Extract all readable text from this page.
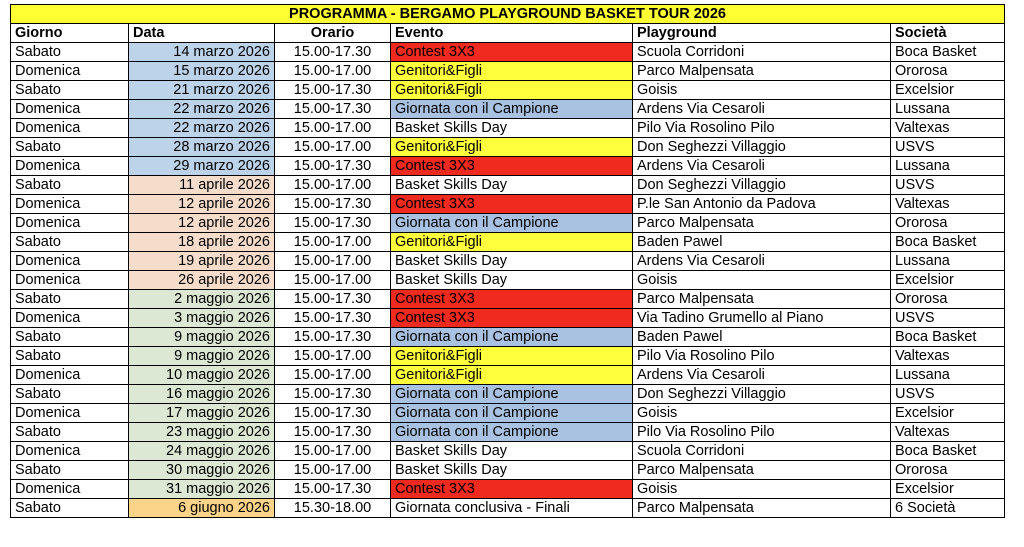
PROGRAMMA - BERGAMO PLAYGROUND BASKET TOUR 2026					
Giorno	Data	Orario	Evento	Playground	Società
Sabato	14 marzo 2026	15.00-17.30	Contest 3X3	Scuola Corridoni	Boca Basket
Domenica	15 marzo 2026	15.00-17.00	Genitori&Figli	Parco Malpensata	Ororosa
Sabato	21 marzo 2026	15.00-17.30	Genitori&Figli	Goisis	Excelsior
Domenica	22 marzo 2026	15.00-17.30	Giornata con il Campione	Ardens Via Cesaroli	Lussana
Domenica	22 marzo 2026	15.00-17.00	Basket Skills Day	Pilo Via Rosolino Pilo	Valtexas
Sabato	28 marzo 2026	15.00-17.00	Genitori&Figli	Don Seghezzi Villaggio	USVS
Domenica	29 marzo 2026	15.00-17.30	Contest 3X3	Ardens Via Cesaroli	Lussana
Sabato	11 aprile 2026	15.00-17.00	Basket Skills Day	Don Seghezzi Villaggio	USVS
Domenica	12 aprile 2026	15.00-17.30	Contest 3X3	P.le San Antonio da Padova	Valtexas
Domenica	12 aprile 2026	15.00-17.30	Giornata con il Campione	Parco Malpensata	Ororosa
Sabato	18 aprile 2026	15.00-17.00	Genitori&Figli	Baden Pawel	Boca Basket
Domenica	19 aprile 2026	15.00-17.00	Basket Skills Day	Ardens Via Cesaroli	Lussana
Domenica	26 aprile 2026	15.00-17.00	Basket Skills Day	Goisis	Excelsior
Sabato	2 maggio 2026	15.00-17.30	Contest 3X3	Parco Malpensata	Ororosa
Domenica	3 maggio 2026	15.00-17.30	Contest 3X3	Via Tadino Grumello al Piano	USVS
Sabato	9 maggio 2026	15.00-17.30	Giornata con il Campione	Baden Pawel	Boca Basket
Sabato	9 maggio 2026	15.00-17.00	Genitori&Figli	Pilo Via Rosolino Pilo	Valtexas
Domenica	10 maggio 2026	15.00-17.00	Genitori&Figli	Ardens Via Cesaroli	Lussana
Sabato	16 maggio 2026	15.00-17.30	Giornata con il Campione	Don Seghezzi Villaggio	USVS
Domenica	17 maggio 2026	15.00-17.30	Giornata con il Campione	Goisis	Excelsior
Sabato	23 maggio 2026	15.00-17.30	Giornata con il Campione	Pilo Via Rosolino Pilo	Valtexas
Domenica	24 maggio 2026	15.00-17.00	Basket Skills Day	Scuola Corridoni	Boca Basket
Sabato	30 maggio 2026	15.00-17.00	Basket Skills Day	Parco Malpensata	Ororosa
Domenica	31 maggio 2026	15.00-17.30	Contest 3X3	Goisis	Excelsior
Sabato	6 giugno 2026	15.30-18.00	Giornata conclusiva - Finali	Parco Malpensata	6 Società
